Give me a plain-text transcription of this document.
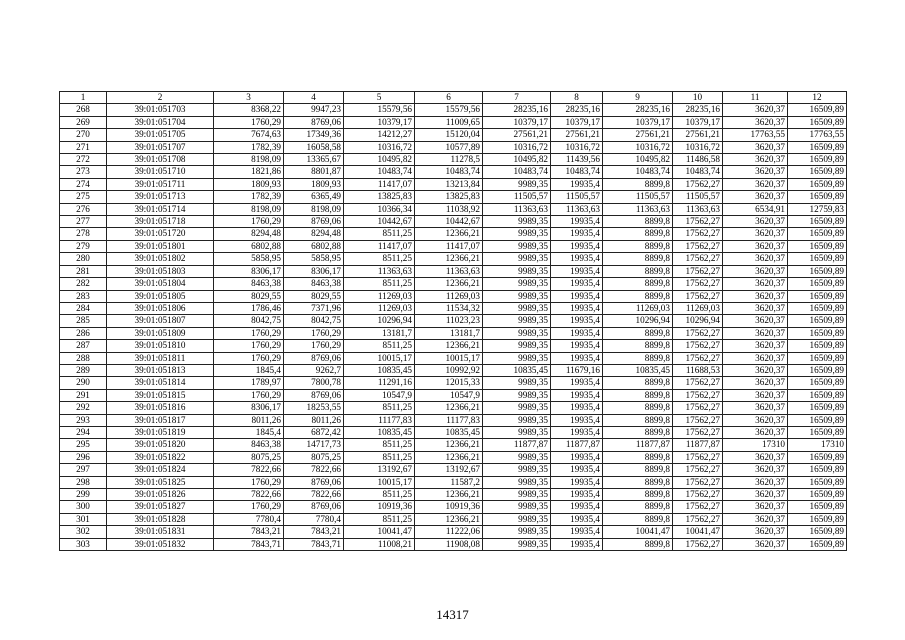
1	2	3	4	5	6	7	8	9	10	11	12
268	39:01:051703	8368,22	9947,23	15579,56	15579,56	28235,16	28235,16	28235,16	28235,16	3620,37	16509,89
269	39:01:051704	1760,29	8769,06	10379,17	11009,65	10379,17	10379,17	10379,17	10379,17	3620,37	16509,89
270	39:01:051705	7674,63	17349,36	14212,27	15120,04	27561,21	27561,21	27561,21	27561,21	17763,55	17763,55
271	39:01:051707	1782,39	16058,58	10316,72	10577,89	10316,72	10316,72	10316,72	10316,72	3620,37	16509,89
272	39:01:051708	8198,09	13365,67	10495,82	11278,5	10495,82	11439,56	10495,82	11486,58	3620,37	16509,89
273	39:01:051710	1821,86	8801,87	10483,74	10483,74	10483,74	10483,74	10483,74	10483,74	3620,37	16509,89
274	39:01:051711	1809,93	1809,93	11417,07	13213,84	9989,35	19935,4	8899,8	17562,27	3620,37	16509,89
275	39:01:051713	1782,39	6365,49	13825,83	13825,83	11505,57	11505,57	11505,57	11505,57	3620,37	16509,89
276	39:01:051714	8198,09	8198,09	10366,34	11038,92	11363,63	11363,63	11363,63	11363,63	6534,91	12759,83
277	39:01:051718	1760,29	8769,06	10442,67	10442,67	9989,35	19935,4	8899,8	17562,27	3620,37	16509,89
278	39:01:051720	8294,48	8294,48	8511,25	12366,21	9989,35	19935,4	8899,8	17562,27	3620,37	16509,89
279	39:01:051801	6802,88	6802,88	11417,07	11417,07	9989,35	19935,4	8899,8	17562,27	3620,37	16509,89
280	39:01:051802	5858,95	5858,95	8511,25	12366,21	9989,35	19935,4	8899,8	17562,27	3620,37	16509,89
281	39:01:051803	8306,17	8306,17	11363,63	11363,63	9989,35	19935,4	8899,8	17562,27	3620,37	16509,89
282	39:01:051804	8463,38	8463,38	8511,25	12366,21	9989,35	19935,4	8899,8	17562,27	3620,37	16509,89
283	39:01:051805	8029,55	8029,55	11269,03	11269,03	9989,35	19935,4	8899,8	17562,27	3620,37	16509,89
284	39:01:051806	1786,46	7371,96	11269,03	11534,32	9989,35	19935,4	11269,03	11269,03	3620,37	16509,89
285	39:01:051807	8042,75	8042,75	10296,94	11023,23	9989,35	19935,4	10296,94	10296,94	3620,37	16509,89
286	39:01:051809	1760,29	1760,29	13181,7	13181,7	9989,35	19935,4	8899,8	17562,27	3620,37	16509,89
287	39:01:051810	1760,29	1760,29	8511,25	12366,21	9989,35	19935,4	8899,8	17562,27	3620,37	16509,89
288	39:01:051811	1760,29	8769,06	10015,17	10015,17	9989,35	19935,4	8899,8	17562,27	3620,37	16509,89
289	39:01:051813	1845,4	9262,7	10835,45	10992,92	10835,45	11679,16	10835,45	11688,53	3620,37	16509,89
290	39:01:051814	1789,97	7800,78	11291,16	12015,33	9989,35	19935,4	8899,8	17562,27	3620,37	16509,89
291	39:01:051815	1760,29	8769,06	10547,9	10547,9	9989,35	19935,4	8899,8	17562,27	3620,37	16509,89
292	39:01:051816	8306,17	18253,55	8511,25	12366,21	9989,35	19935,4	8899,8	17562,27	3620,37	16509,89
293	39:01:051817	8011,26	8011,26	11177,83	11177,83	9989,35	19935,4	8899,8	17562,27	3620,37	16509,89
294	39:01:051819	1845,4	6872,42	10835,45	10835,45	9989,35	19935,4	8899,8	17562,27	3620,37	16509,89
295	39:01:051820	8463,38	14717,73	8511,25	12366,21	11877,87	11877,87	11877,87	11877,87	17310	17310
296	39:01:051822	8075,25	8075,25	8511,25	12366,21	9989,35	19935,4	8899,8	17562,27	3620,37	16509,89
297	39:01:051824	7822,66	7822,66	13192,67	13192,67	9989,35	19935,4	8899,8	17562,27	3620,37	16509,89
298	39:01:051825	1760,29	8769,06	10015,17	11587,2	9989,35	19935,4	8899,8	17562,27	3620,37	16509,89
299	39:01:051826	7822,66	7822,66	8511,25	12366,21	9989,35	19935,4	8899,8	17562,27	3620,37	16509,89
300	39:01:051827	1760,29	8769,06	10919,36	10919,36	9989,35	19935,4	8899,8	17562,27	3620,37	16509,89
301	39:01:051828	7780,4	7780,4	8511,25	12366,21	9989,35	19935,4	8899,8	17562,27	3620,37	16509,89
302	39:01:051831	7843,21	7843,21	10041,47	11222,06	9989,35	19935,4	10041,47	10041,47	3620,37	16509,89
303	39:01:051832	7843,71	7843,71	11008,21	11908,08	9989,35	19935,4	8899,8	17562,27	3620,37	16509,89
14317
